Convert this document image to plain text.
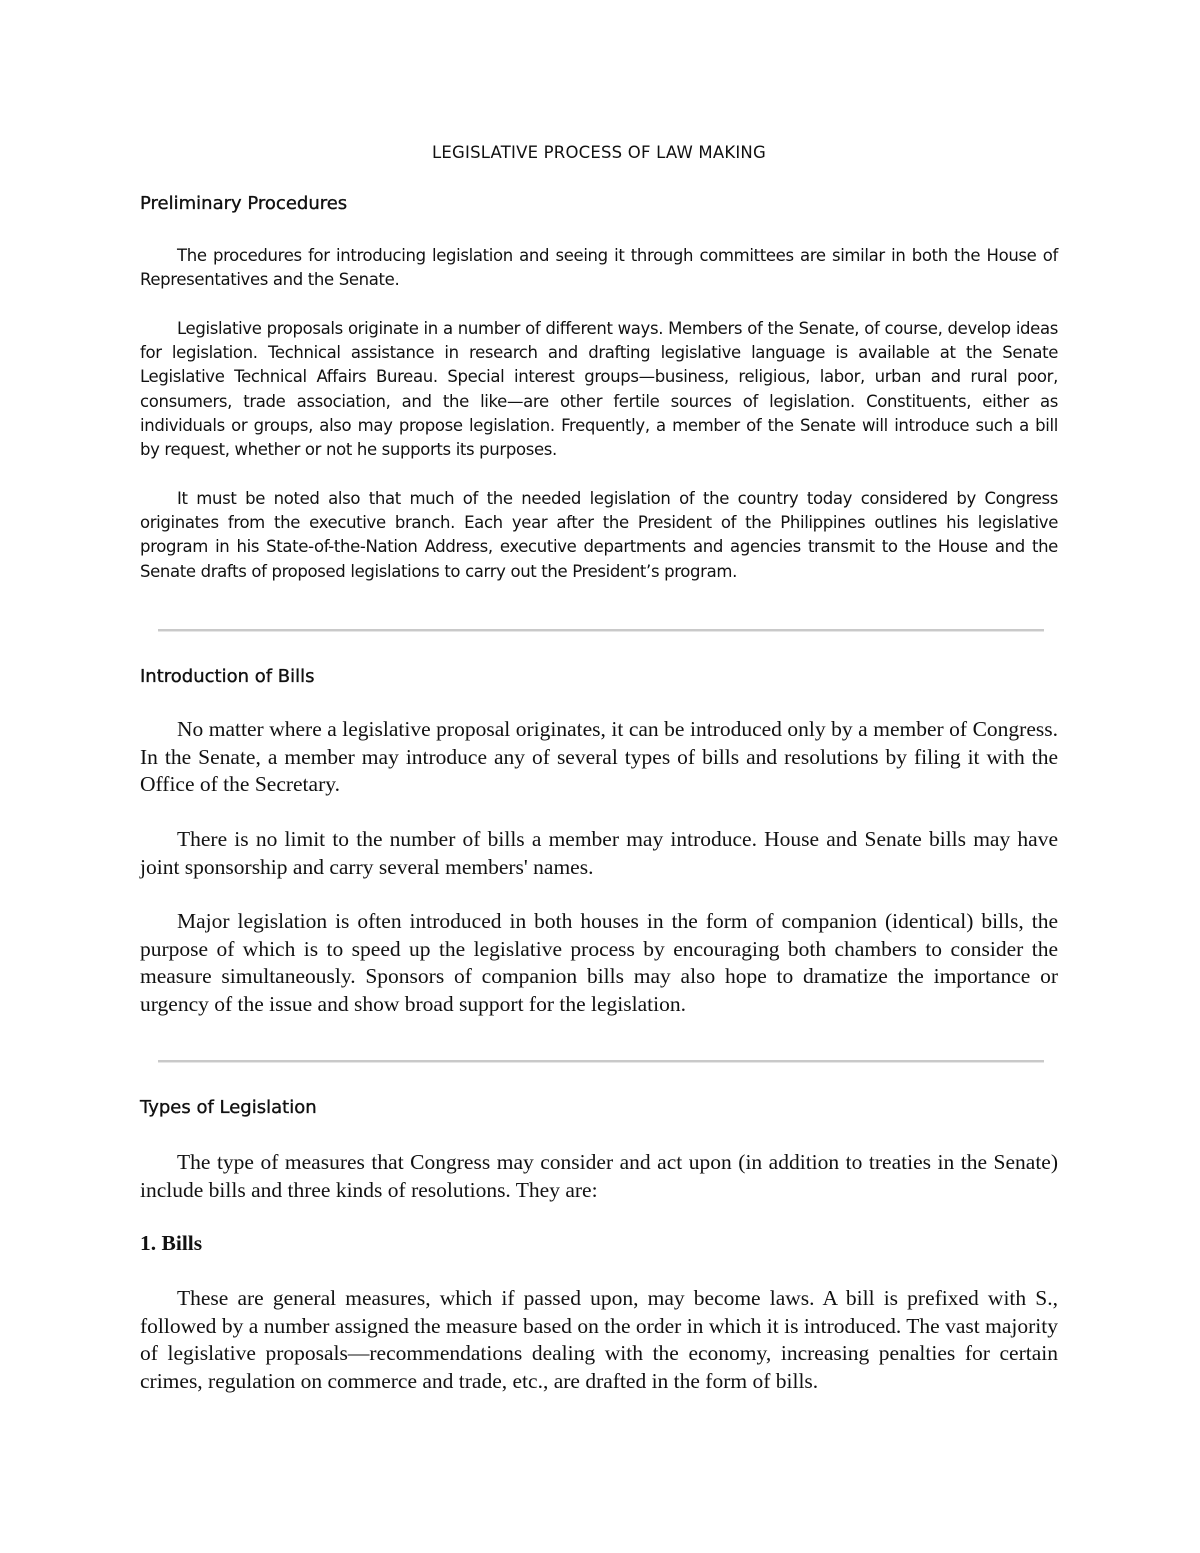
LEGISLATIVE PROCESS OF LAW MAKING
Preliminary Procedures

The procedures for introducing legislation and seeing it through committees are similar in both the House of Representatives and the Senate.

Legislative proposals originate in a number of different ways. Members of the Senate, of course, develop ideas for legislation. Technical assistance in research and drafting legislative language is available at the Senate Legislative Technical Affairs Bureau. Special interest groups—business, religious, labor, urban and rural poor, consumers, trade association, and the like—are other fertile sources of legislation. Constituents, either as individuals or groups, also may propose legislation. Frequently, a member of the Senate will introduce such a bill by request, whether or not he supports its purposes.

It must be noted also that much of the needed legislation of the country today considered by Congress originates from the executive branch. Each year after the President of the Philippines outlines his legislative program in his State-of-the-Nation Address, executive departments and agencies transmit to the House and the Senate drafts of proposed legislations to carry out the President’s program.

Introduction of Bills

No matter where a legislative proposal originates, it can be introduced only by a member of Congress. In the Senate, a member may introduce any of several types of bills and resolutions by filing it with the Office of the Secretary.

There is no limit to the number of bills a member may introduce. House and Senate bills may have joint sponsorship and carry several members' names.

Major legislation is often introduced in both houses in the form of companion (identical) bills, the purpose of which is to speed up the legislative process by encouraging both chambers to consider the measure simultaneously. Sponsors of companion bills may also hope to dramatize the importance or urgency of the issue and show broad support for the legislation.

Types of Legislation

The type of measures that Congress may consider and act upon (in addition to treaties in the Senate) include bills and three kinds of resolutions. They are:

1. Bills

These are general measures, which if passed upon, may become laws. A bill is prefixed with S., followed by a number assigned the measure based on the order in which it is introduced. The vast majority of legislative proposals—recommendations dealing with the economy, increasing penalties for certain crimes, regulation on commerce and trade, etc., are drafted in the form of bills.
